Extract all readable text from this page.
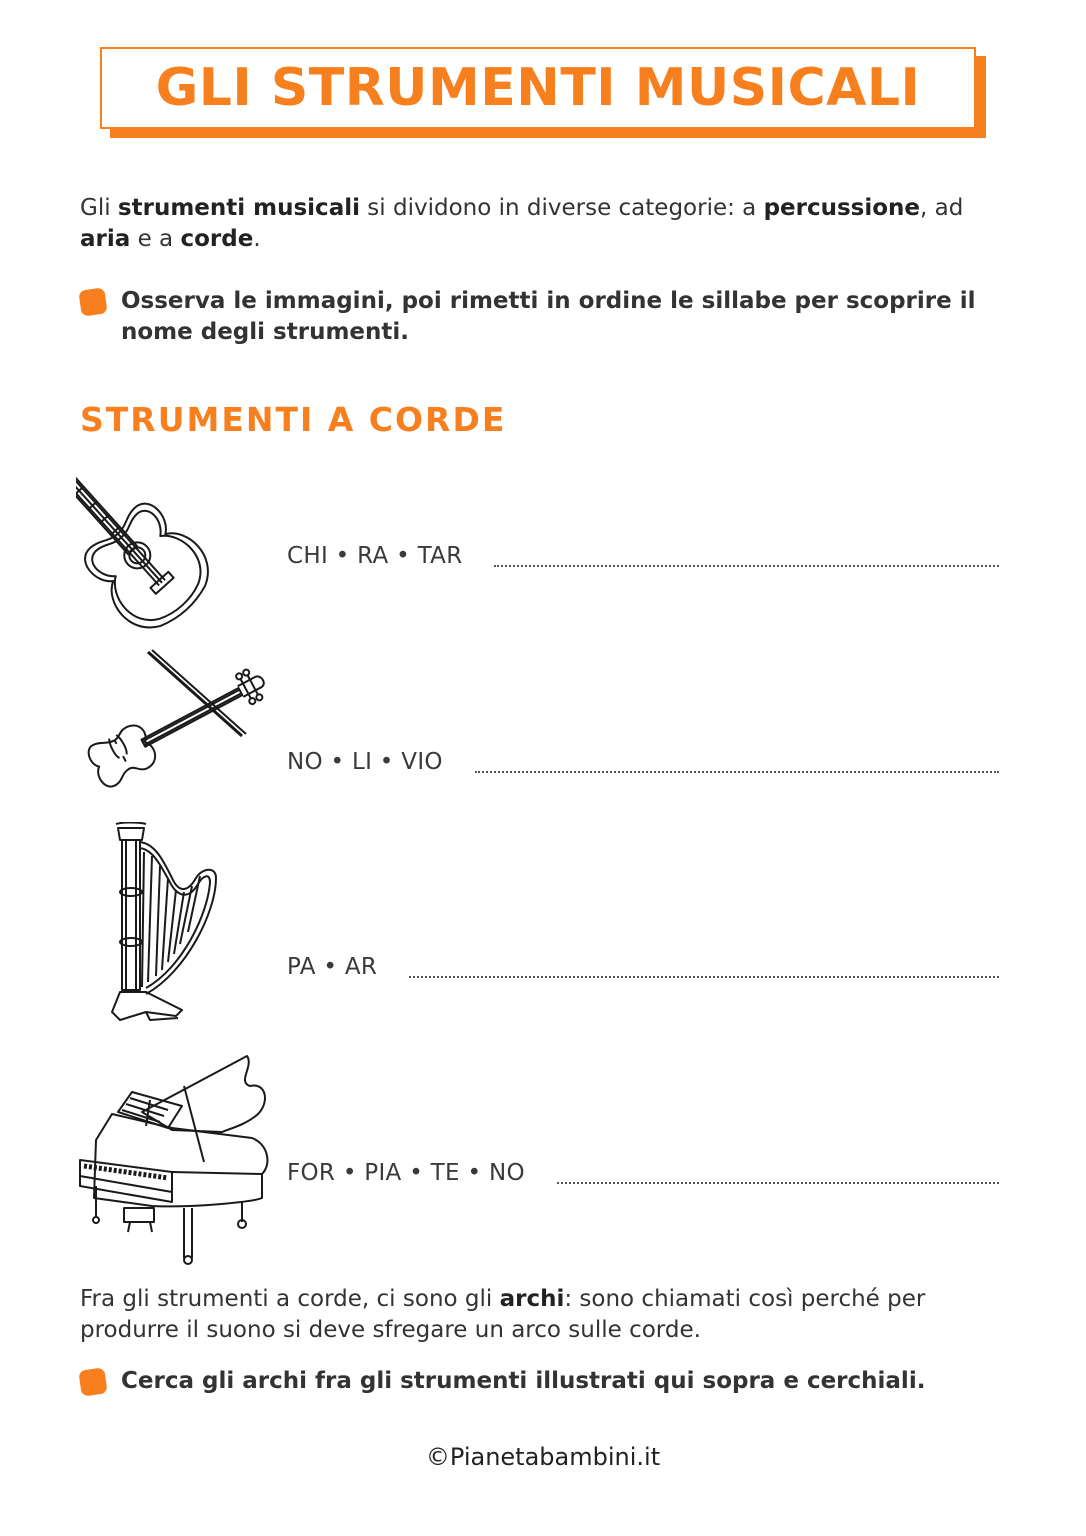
GLI STRUMENTI MUSICALI
Gli strumenti musicali si dividono in diverse categorie: a percussione, ad aria e a corde.
Osserva le immagini, poi rimetti in ordine le sillabe per scoprire il nome degli strumenti.
STRUMENTI A CORDE
CHI • RA • TAR
NO • LI • VIO
PA • AR
FOR • PIA • TE • NO
Fra gli strumenti a corde, ci sono gli archi: sono chiamati così perché per produrre il suono si deve sfregare un arco sulle corde.
Cerca gli archi fra gli strumenti illustrati qui sopra e cerchiali.
©Pianetabambini.it
